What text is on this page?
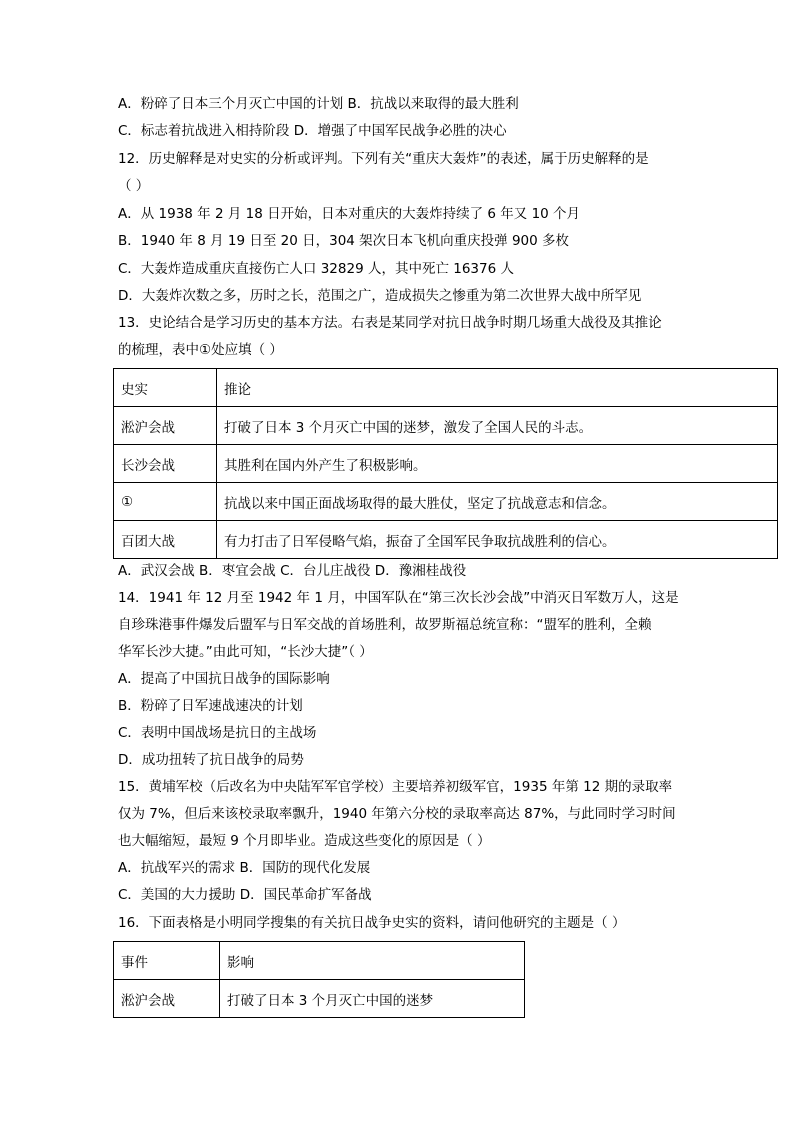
A．粉碎了日本三个月灭亡中国的计划 B．抗战以来取得的最大胜利
C．标志着抗战进入相持阶段 D．增强了中国军民战争必胜的决心
12．历史解释是对史实的分析或评判。下列有关“重庆大轰炸”的表述，属于历史解释的是
（ ）
A．从 1938 年 2 月 18 日开始，日本对重庆的大轰炸持续了 6 年又 10 个月
B．1940 年 8 月 19 日至 20 日，304 架次日本飞机向重庆投弹 900 多枚
C．大轰炸造成重庆直接伤亡人口 32829 人，其中死亡 16376 人
D．大轰炸次数之多，历时之长，范围之广，造成损失之惨重为第二次世界大战中所罕见
13．史论结合是学习历史的基本方法。右表是某同学对抗日战争时期几场重大战役及其推论
的梳理，表中①处应填（ ）
史实	推论
淞沪会战	打破了日本 3 个月灭亡中国的迷梦，激发了全国人民的斗志。
长沙会战	其胜利在国内外产生了积极影响。
①	抗战以来中国正面战场取得的最大胜仗，坚定了抗战意志和信念。
百团大战	有力打击了日军侵略气焰，振奋了全国军民争取抗战胜利的信心。
A．武汉会战 B．枣宜会战 C．台儿庄战役 D．豫湘桂战役
14．1941 年 12 月至 1942 年 1 月，中国军队在“第三次长沙会战”中消灭日军数万人，这是
自珍珠港事件爆发后盟军与日军交战的首场胜利，故罗斯福总统宣称：“盟军的胜利，全赖
华军长沙大捷。”由此可知，“长沙大捷”（ ）
A．提高了中国抗日战争的国际影响
B．粉碎了日军速战速决的计划
C．表明中国战场是抗日的主战场
D．成功扭转了抗日战争的局势
15．黄埔军校（后改名为中央陆军军官学校）主要培养初级军官，1935 年第 12 期的录取率
仅为 7%，但后来该校录取率飘升，1940 年第六分校的录取率高达 87%，与此同时学习时间
也大幅缩短，最短 9 个月即毕业。造成这些变化的原因是（ ）
A．抗战军兴的需求 B．国防的现代化发展
C．美国的大力援助 D．国民革命扩军备战
16．下面表格是小明同学搜集的有关抗日战争史实的资料，请问他研究的主题是（ ）
事件	影响
淞沪会战	打破了日本 3 个月灭亡中国的迷梦
